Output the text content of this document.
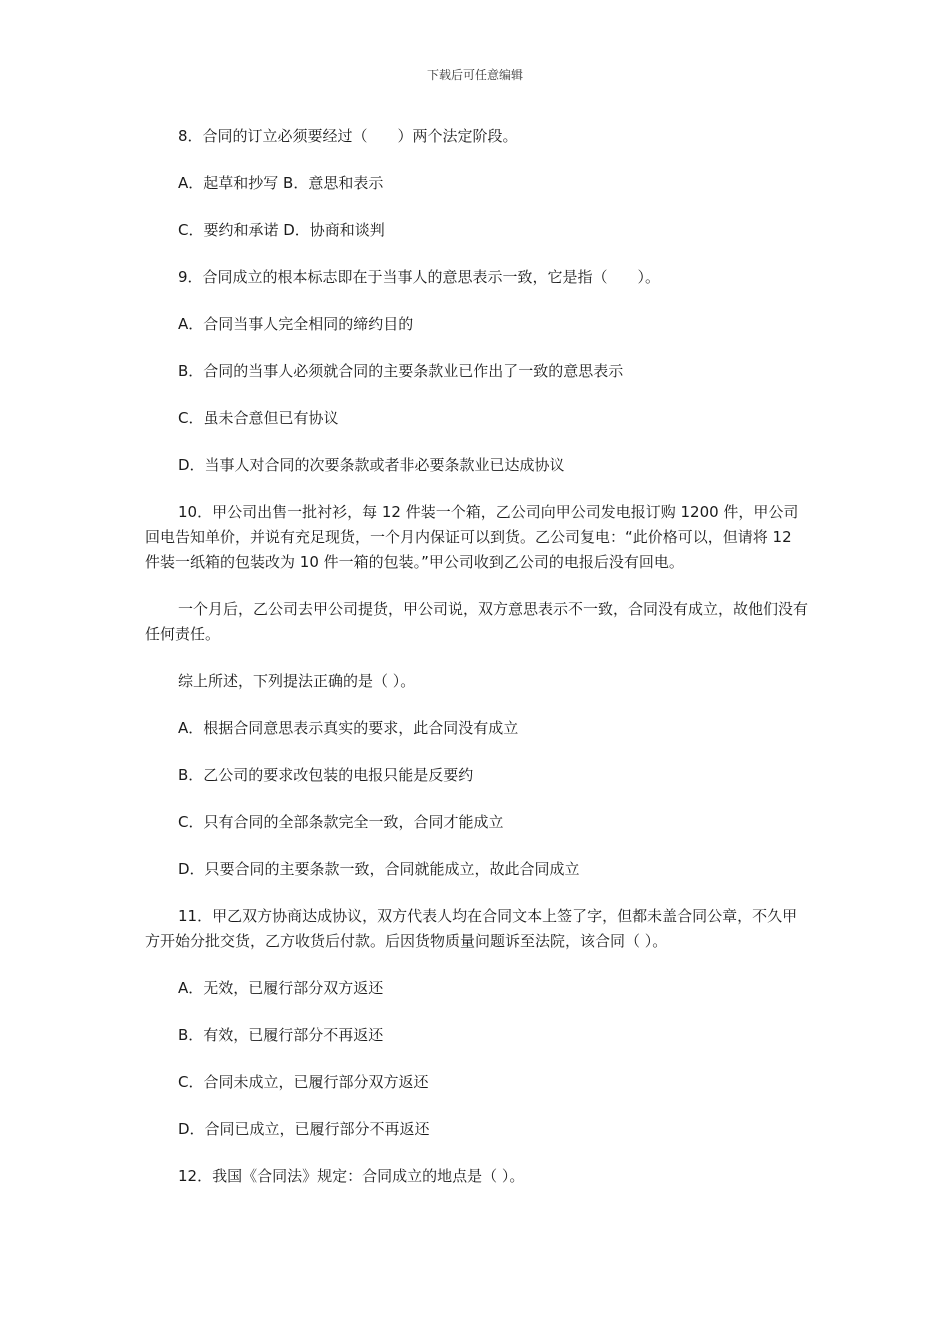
下载后可任意编辑

8．合同的订立必须要经过（　　）两个法定阶段。

A．起草和抄写 B．意思和表示

C．要约和承诺 D．协商和谈判

9．合同成立的根本标志即在于当事人的意思表示一致，它是指（　　）。

A．合同当事人完全相同的缔约目的

B．合同的当事人必须就合同的主要条款业已作出了一致的意思表示

C．虽未合意但已有协议

D．当事人对合同的次要条款或者非必要条款业已达成协议

10．甲公司出售一批衬衫，每 12 件装一个箱，乙公司向甲公司发电报订购 1200 件，甲公司回电告知单价，并说有充足现货，一个月内保证可以到货。乙公司复电：“此价格可以，但请将 12 件装一纸箱的包装改为 10 件一箱的包装。”甲公司收到乙公司的电报后没有回电。

一个月后，乙公司去甲公司提货，甲公司说，双方意思表示不一致，合同没有成立，故他们没有任何责任。

综上所述，下列提法正确的是（ ）。

A．根据合同意思表示真实的要求，此合同没有成立

B．乙公司的要求改包装的电报只能是反要约

C．只有合同的全部条款完全一致，合同才能成立

D．只要合同的主要条款一致，合同就能成立，故此合同成立

11．甲乙双方协商达成协议，双方代表人均在合同文本上签了字，但都未盖合同公章，不久甲方开始分批交货，乙方收货后付款。后因货物质量问题诉至法院，该合同（ ）。

A．无效，已履行部分双方返还

B．有效，已履行部分不再返还

C．合同未成立，已履行部分双方返还

D．合同已成立，已履行部分不再返还

12．我国《合同法》规定：合同成立的地点是（ ）。
